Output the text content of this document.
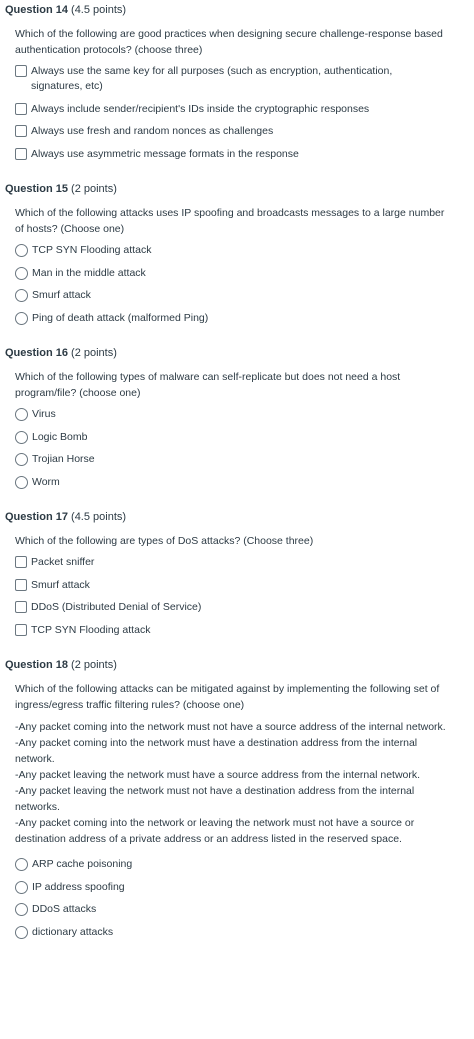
Question 14 (4.5 points)

Which of the following are good practices when designing secure challenge-response based authentication protocols? (choose three)

Always use the same key for all purposes (such as encryption, authentication, signatures, etc)
Always include sender/recipient's IDs inside the cryptographic responses
Always use fresh and random nonces as challenges
Always use asymmetric message formats in the response
Question 15 (2 points)

Which of the following attacks uses IP spoofing and broadcasts messages to a large number of hosts? (Choose one)

TCP SYN Flooding attack
Man in the middle attack
Smurf attack
Ping of death attack (malformed Ping)
Question 16 (2 points)

Which of the following types of malware can self-replicate but does not need a host program/file? (choose one)

Virus
Logic Bomb
Trojian Horse
Worm
Question 17 (4.5 points)

Which of the following are types of DoS attacks? (Choose three)

Packet sniffer
Smurf attack
DDoS (Distributed Denial of Service)
TCP SYN Flooding attack
Question 18 (2 points)

Which of the following attacks can be mitigated against by implementing the following set of ingress/egress traffic filtering rules? (choose one)

-Any packet coming into the network must not have a source address of the internal network.

-Any packet coming into the network must have a destination address from the internal network.

-Any packet leaving the network must have a source address from the internal network.

-Any packet leaving the network must not have a destination address from the internal networks.

-Any packet coming into the network or leaving the network must not have a source or destination address of a private address or an address listed in the reserved space.

ARP cache poisoning
IP address spoofing
DDoS attacks
dictionary attacks
